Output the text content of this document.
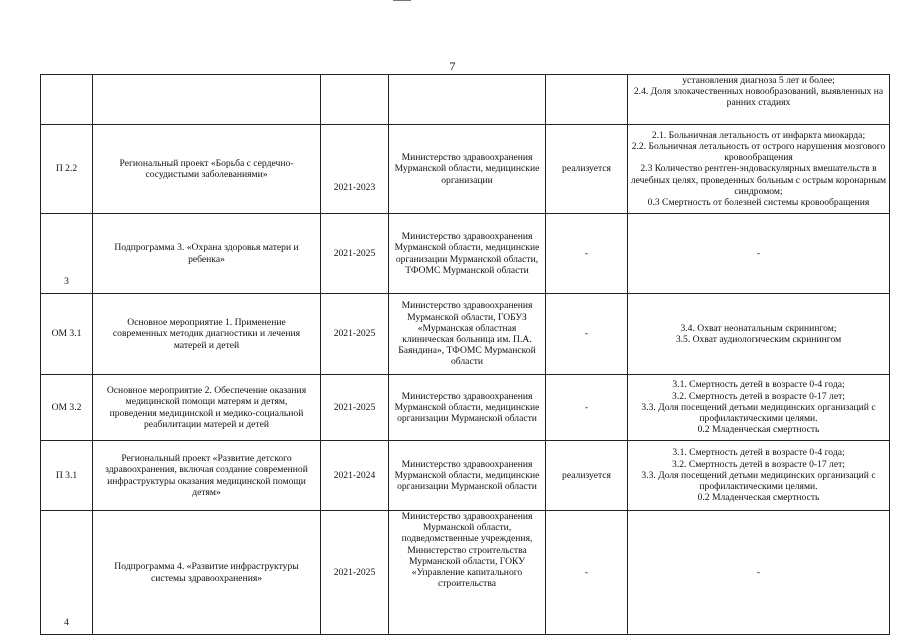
7

					установления диагноза 5 лет и более;
2.4. Доля злокачественных новообразований, выявленных на ранних стадиях

П 2.2	Региональный проект «Борьба с сердечно-сосудистыми заболеваниями»	2021-2023	Министерство здравоохранения Мурманской области, медицинские организации	реализуется	2.1. Больничная летальность от инфаркта миокарда;
2.2. Больничная летальность от острого нарушения мозгового кровообращения
2.3 Количество рентген-эндоваскулярных вмешательств в лечебных целях, проведенных больным с острым коронарным синдромом;
0.3 Смертность от болезней системы кровообращения

3	Подпрограмма 3. «Охрана здоровья матери и ребенка»	2021-2025	Министерство здравоохранения Мурманской области, медицинские организации Мурманской области, ТФОМС Мурманской области	-	-

ОМ 3.1	Основное мероприятие 1. Применение современных методик диагностики и лечения матерей и детей	2021-2025	Министерство здравоохранения Мурманской области, ГОБУЗ «Мурманская областная клиническая больница им. П.А. Баяндина», ТФОМС Мурманской области	-	3.4. Охват неонатальным скринингом;
3.5. Охват аудиологическим скринингом

ОМ 3.2	Основное мероприятие 2. Обеспечение оказания медицинской помощи матерям и детям, проведения медицинской и медико-социальной реабилитации матерей и детей	2021-2025	Министерство здравоохранения Мурманской области, медицинские организации Мурманской области	-	3.1. Смертность детей в возрасте 0-4 года;
3.2. Смертность детей в возрасте 0-17 лет;
3.3. Доля посещений детьми медицинских организаций с профилактическими целями.
0.2 Младенческая смертность

П 3.1	Региональный проект «Развитие детского здравоохранения, включая создание современной инфраструктуры оказания медицинской помощи детям»	2021-2024	Министерство здравоохранения Мурманской области, медицинские организации Мурманской области	реализуется	3.1. Смертность детей в возрасте 0-4 года;
3.2. Смертность детей в возрасте 0-17 лет;
3.3. Доля посещений детьми медицинских организаций с профилактическими целями.
0.2 Младенческая смертность

4	Подпрограмма 4. «Развитие инфраструктуры системы здравоохранения»	2021-2025	Министерство здравоохранения Мурманской области, подведомственные учреждения, Министерство строительства Мурманской области, ГОКУ «Управление капитального строительства	-	-
